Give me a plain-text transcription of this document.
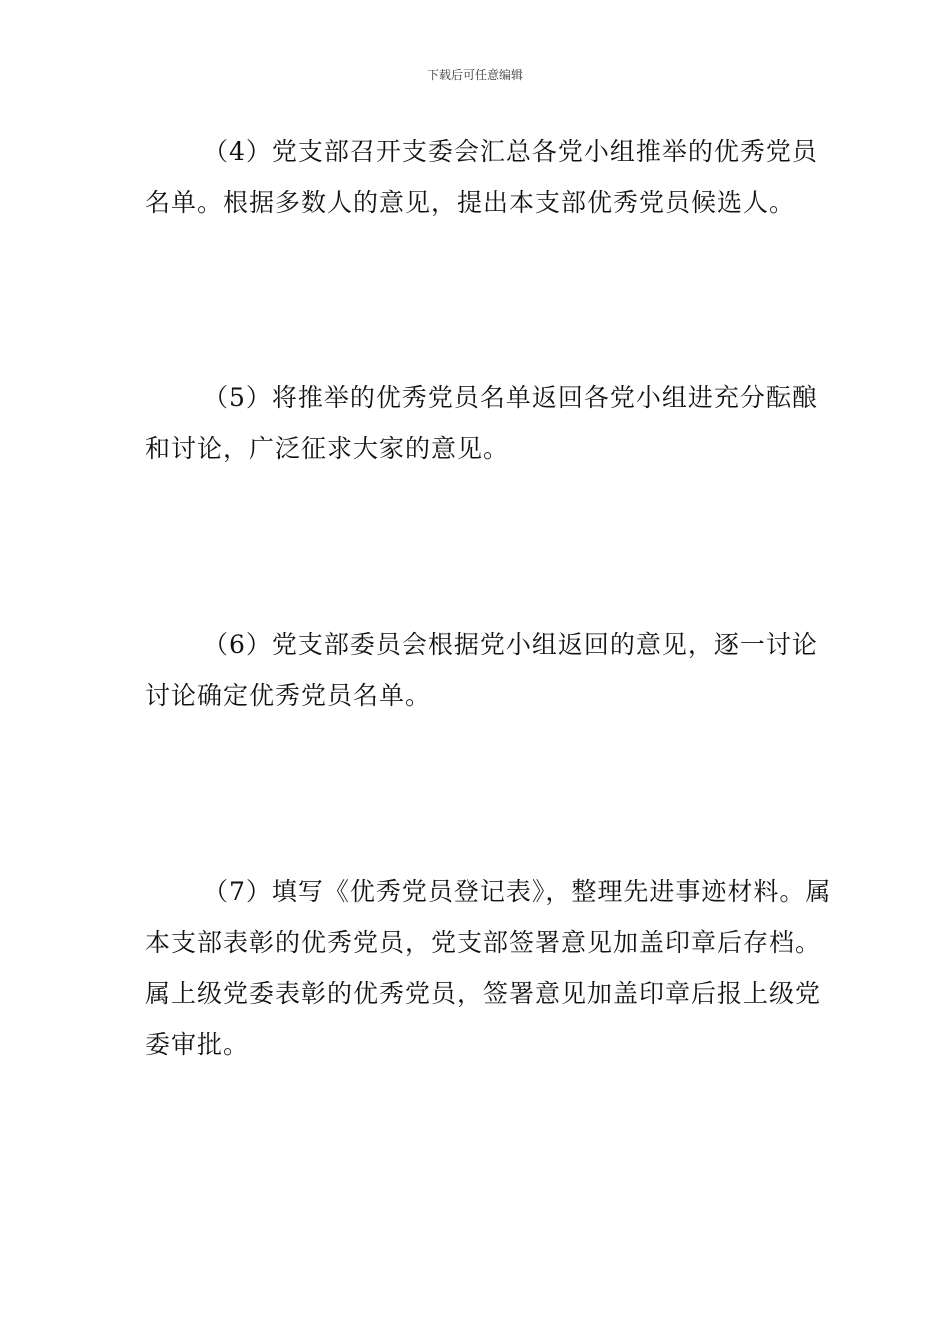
下载后可任意编辑

（4）党支部召开支委会汇总各党小组推举的优秀党员名单。根据多数人的意见，提出本支部优秀党员候选人。

（5）将推举的优秀党员名单返回各党小组进充分酝酿和讨论，广泛征求大家的意见。

（6）党支部委员会根据党小组返回的意见，逐一讨论讨论确定优秀党员名单。

（7）填写《优秀党员登记表》，整理先进事迹材料。属本支部表彰的优秀党员，党支部签署意见加盖印章后存档。属上级党委表彰的优秀党员，签署意见加盖印章后报上级党委审批。
